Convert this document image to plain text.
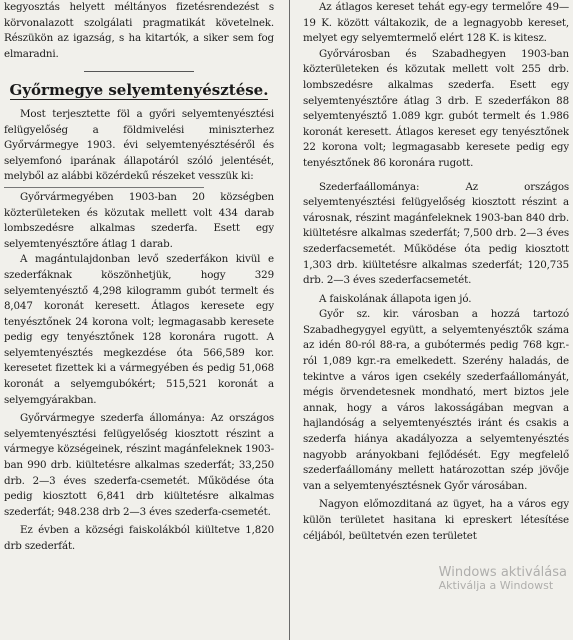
kegyosztás helyett méltányos fizetésrendezést s körvonalazott szolgálati pragmatikát követelnek. Részükön az igazság, s ha kitartók, a siker sem fog elmaradni.

Győrmegye selyemtenyésztése.

Most terjesztette föl a győri selyemtenyésztési felügyelőség a földmivelési miniszterhez Győrvármegye 1903. évi selyemtenyésztéséről és selyemfonó iparának állapotáról szóló jelentését, melyből az alábbi közérdekű részeket vesszük ki:

Győrvármegyében 1903-ban 20 községben közterületeken és közutak mellett volt 434 darab lombszedésre alkalmas szederfa. Esett egy selyemtenyésztőre átlag 1 darab.

A magántulajdonban levő szederfákon kivül e szederfáknak köszönhetjük, hogy 329 selyemtenyésztő 4,298 kilogramm gubót termelt és 8,047 koronát keresett. Átlagos keresete egy tenyésztőnek 24 korona volt; legmagasabb keresete pedig egy tenyésztőnek 128 koronára rugott. A selyemtenyésztés megkezdése óta 566,589 kor. keresetet fizettek ki a vármegyében és pedig 51,068 koronát a selyemgubókért; 515,521 koronát a selyemgyárakban.

Győrvármegye szederfa állománya: Az országos selyemtenyésztési felügyelőség kiosztott részint a vármegye községeinek, részint magánfeleknek 1903-ban 990 drb. kiültetésre alkalmas szederfát; 33,250 drb. 2—3 éves szederfa-csemetét. Működése óta pedig kiosztott 6,841 drb kiültetésre alkalmas szederfát; 948.238 drb 2—3 éves szederfa-csemetét.

Ez évben a községi faiskolákból kiültetve 1,820 drb szederfát.

Az átlagos kereset tehát egy-egy termelőre 49—19 K. között váltakozik, de a legnagyobb kereset, melyet egy selyemtermelő elért 128 K. is kitesz.

Győrvárosban és Szabadhegyen 1903-ban közterületeken és közutak mellett volt 255 drb. lombszedésre alkalmas szederfa. Esett egy selyemtenyésztőre átlag 3 drb. E szederfákon 88 selyemtenyésztő 1.089 kgr. gubót termelt és 1.986 koronát keresett. Átlagos kereset egy tenyésztőnek 22 korona volt; legmagasabb keresete pedig egy tenyésztőnek 86 koronára rugott.

Szederfaállománya: Az országos selyemtenyésztési felügyelőség kiosztott részint a városnak, részint magánfeleknek 1903-ban 840 drb. kiültetésre alkalmas szederfát; 7,500 drb. 2—3 éves szederfacsemetét. Működése óta pedig kiosztott 1,303 drb. kiültetésre alkalmas szederfát; 120,735 drb. 2—3 éves szederfacsemetét.

A faiskolának állapota igen jó.

Győr sz. kir. városban a hozzá tartozó Szabadhegygyel együtt, a selyemtenyésztők száma az idén 80-ról 88-ra, a gubótermés pedig 768 kgr.-ról 1,089 kgr.-ra emelkedett. Szerény haladás, de tekintve a város igen csekély szederfaállományát, mégis örvendetesnek mondható, mert biztos jele annak, hogy a város lakosságában megvan a hajlandóság a selyemtenyésztés iránt és csakis a szederfa hiánya akadályozza a selyemtenyésztés nagyobb arányokbani fejlődését. Egy megfelelő szederfaállomány mellett határozottan szép jövője van a selyemtenyésztésnek Győr városában.

Nagyon előmozditaná az ügyet, ha a város egy külön területet hasitana ki epreskert létesítése céljából, beültetvén ezen területet

Windows aktiválása
Aktiválja a Windowst
